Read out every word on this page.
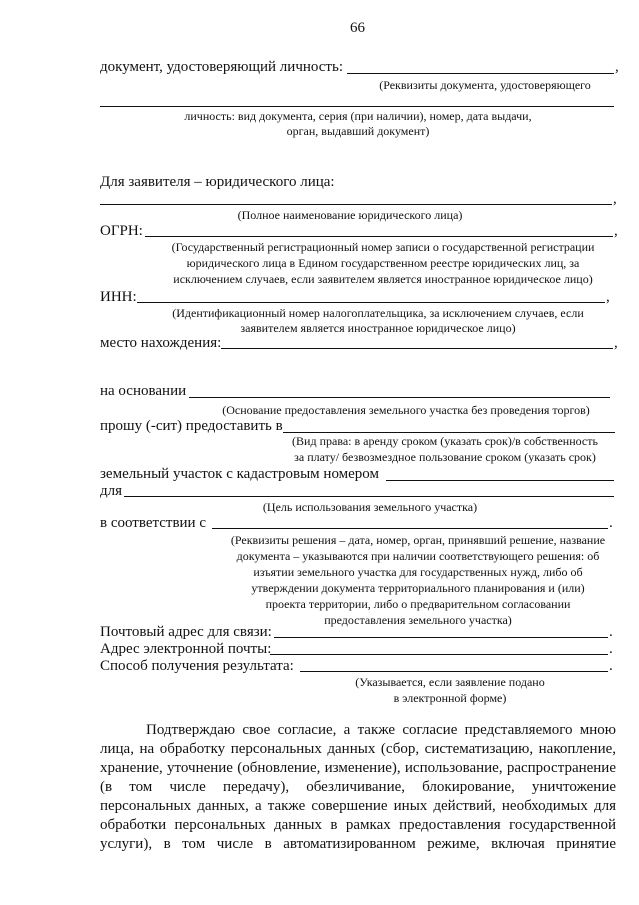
66
документ, удостоверяющий личность:	,
(Реквизиты документа, удостоверяющего
личность: вид документа, серия (при наличии), номер, дата выдачи,
орган, выдавший документ)
Для заявителя – юридического лица:
,
(Полное наименование юридического лица)
ОГРН:	,
(Государственный регистрационный номер записи о государственной регистрации
юридического лица в Едином государственном реестре юридических лиц, за
исключением случаев, если заявителем является иностранное юридическое лицо)
ИНН:	,
(Идентификационный номер налогоплательщика, за исключением случаев, если
заявителем является иностранное юридическое лицо)
место нахождения:	,
на основании
(Основание предоставления земельного участка без проведения торгов)
прошу (-сит) предоставить в
(Вид права: в аренду сроком (указать срок)/в собственность
за плату/ безвозмездное пользование сроком (указать срок)
земельный участок с кадастровым номером
для
(Цель использования земельного участка)
в соответствии с	.
(Реквизиты решения – дата, номер, орган, принявший решение, название
документа – указываются при наличии соответствующего решения: об
изъятии земельного участка для государственных нужд, либо об
утверждении документа территориального планирования и (или)
проекта территории, либо о предварительном согласовании
предоставления земельного участка)
Почтовый адрес для связи:	.
Адрес электронной почты:	.
Способ получения результата:	.
(Указывается, если заявление подано
в электронной форме)
Подтверждаю свое согласие, а также согласие представляемого мною
лица, на обработку персональных данных (сбор, систематизацию, накопление,
хранение, уточнение (обновление, изменение), использование, распространение
(в том числе передачу), обезличивание, блокирование, уничтожение
персональных данных, а также совершение иных действий, необходимых для
обработки персональных данных в рамках предоставления государственной
услуги), в том числе в автоматизированном режиме, включая принятие
